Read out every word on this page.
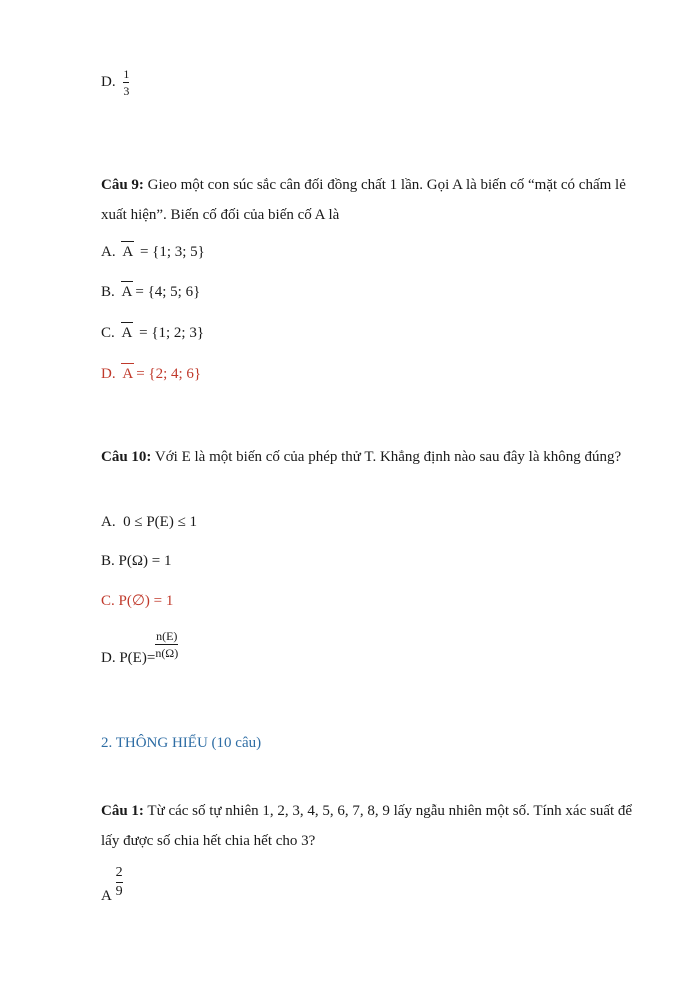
D. $\frac{1}{3}$
Câu 9: Gieo một con súc sắc cân đối đồng chất 1 lần. Gọi A là biến cố “mặt có chấm lẻ xuất hiện”. Biến cố đối của biến cố A là
A. A = {1; 3; 5}
B. A = {4; 5; 6}
C. A = {1; 2; 3}
D. A = {2; 4; 6}
Câu 10: Với E là một biến cố của phép thử T. Khẳng định nào sau đây là không đúng?
A. 0 ≤ P(E) ≤ 1
B. P(Ω) = 1
C. P(∅) = 1
D. $P(E)= \frac{n(E)}{n(\Omega)}$
2. THÔNG HIỂU (10 câu)
Câu 1: Từ các số tự nhiên 1, 2, 3, 4, 5, 6, 7, 8, 9 lấy ngẫu nhiên một số. Tính xác suất để lấy được số chia hết chia hết cho 3?
A $\frac{2}{9}$
